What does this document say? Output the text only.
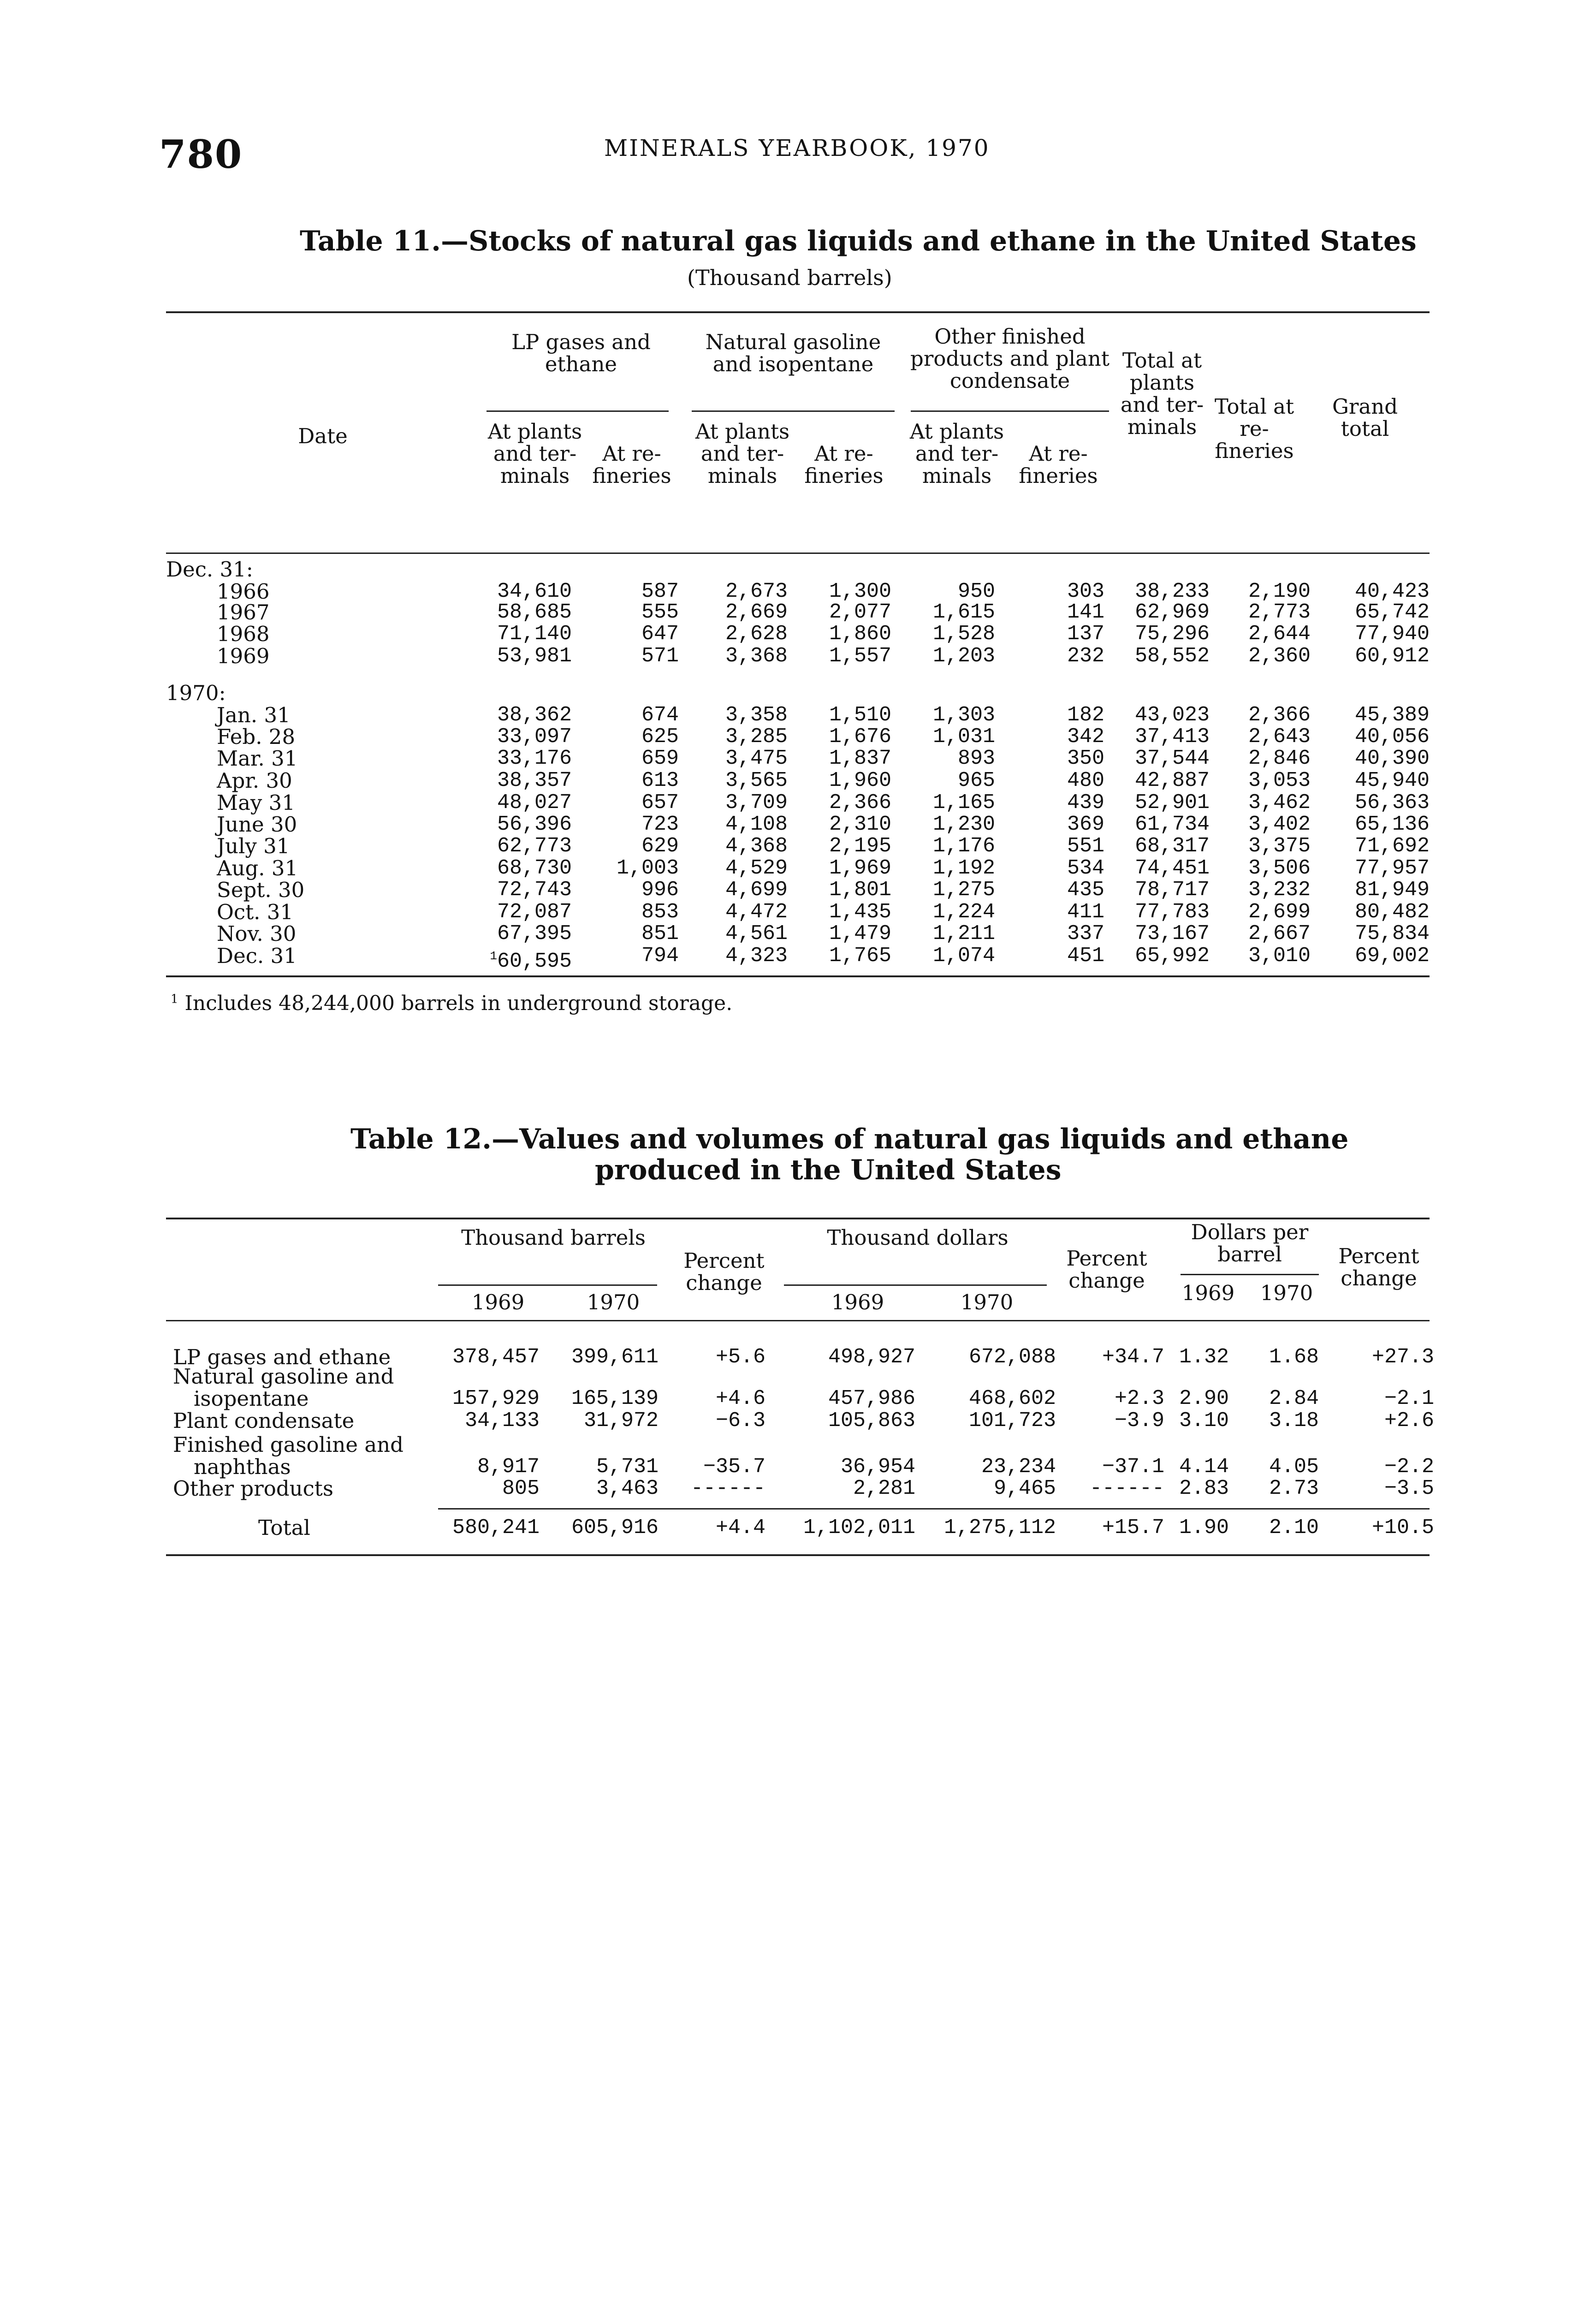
780	MINERALS YEARBOOK, 1970
Table 11.—Stocks of natural gas liquids and ethane in the United States
(Thousand barrels)
LP gases and ethane
Natural gasoline and isopentane
Other finished products and plant condensate
Total at plants and ter- minals
Total at re- fineries
Grand total
Date	At plants and ter- minals
At re- fineries
At plants and ter- minals
At re- fineries
At plants and ter- minals
At re- fineries
Dec. 31:
1970:
$^1$ Includes 48,244,000 barrels in underground storage.
Table 12.—Values and volumes of natural gas liquids and ethane
produced in the United States
Thousand barrels
Percent change
Thousand dollars
Percent change
Dollars per barrel	Percent change
1969	1970	1969	1970	1969	1970
1966	34,610	587 2,673 1,300	950	303 38,233 2,190 40,423
1967	58,685	555 2,669 2,077 1,615	141 62,969 2,773 65,742
1968	71,140	647 2,628 1,860 1,528	137 75,296 2,644 77,940
1969	53,981	571 3,368 1,557 1,203	232 58,552 2,360 60,912
Jan. 31	38,362	674 3,358 1,510 1,303	182 43,023 2,366 45,389
Feb. 28	33,097	625 3,285 1,676 1,031	342 37,413 2,643 40,056
Mar. 31	33,176	659 3,475 1,837	893	350 37,544 2,846 40,390
Apr. 30	38,357	613 3,565 1,960	965	480 42,887 3,053 45,940
May 31	48,027	657 3,709 2,366 1,165	439 52,901 3,462 56,363
June 30	56,396	723 4,108 2,310 1,230	369 61,734 3,402 65,136
July 31	62,773	629 4,368 2,195 1,176	551 68,317 3,375 71,692
Aug. 31	68,730 1,003 4,529 1,969 1,192	534 74,451 3,506 77,957
Sept. 30	72,743	996 4,699 1,801 1,275	435 78,717 3,232 81,949
Oct. 31	72,087	853 4,472 1,435 1,224	411 77,783 2,699 80,482
Nov. 30	67,395	851 4,561 1,479 1,211	337 73,167 2,667 75,834
Dec. 31	$^1$60,595	794 4,323 1,765 1,074	451 65,992 3,010 69,002
LP gases and ethane	378,457 399,611	+5.6	498,927	672,088 +34.7 1.32 1.68	+27.3
Natural gasoline and
isopentane	157,929 165,139	+4.6	457,986	468,602	+2.3 2.90 2.84	−2.1
Plant condensate	34,133 31,972	−6.3	105,863	101,723	−3.9 3.10 3.18	+2.6
Finished gasoline and
naphthas	8,917	5,731 −35.7	36,954	23,234 −37.1 4.14 4.05	−2.2
Other products	805	3,463 ------	2,281	9,465 ------ 2.83 2.73	−3.5
Total	580,241 605,916	+4.4 1,102,011 1,275,112 +15.7 1.90 2.10	+10.5
